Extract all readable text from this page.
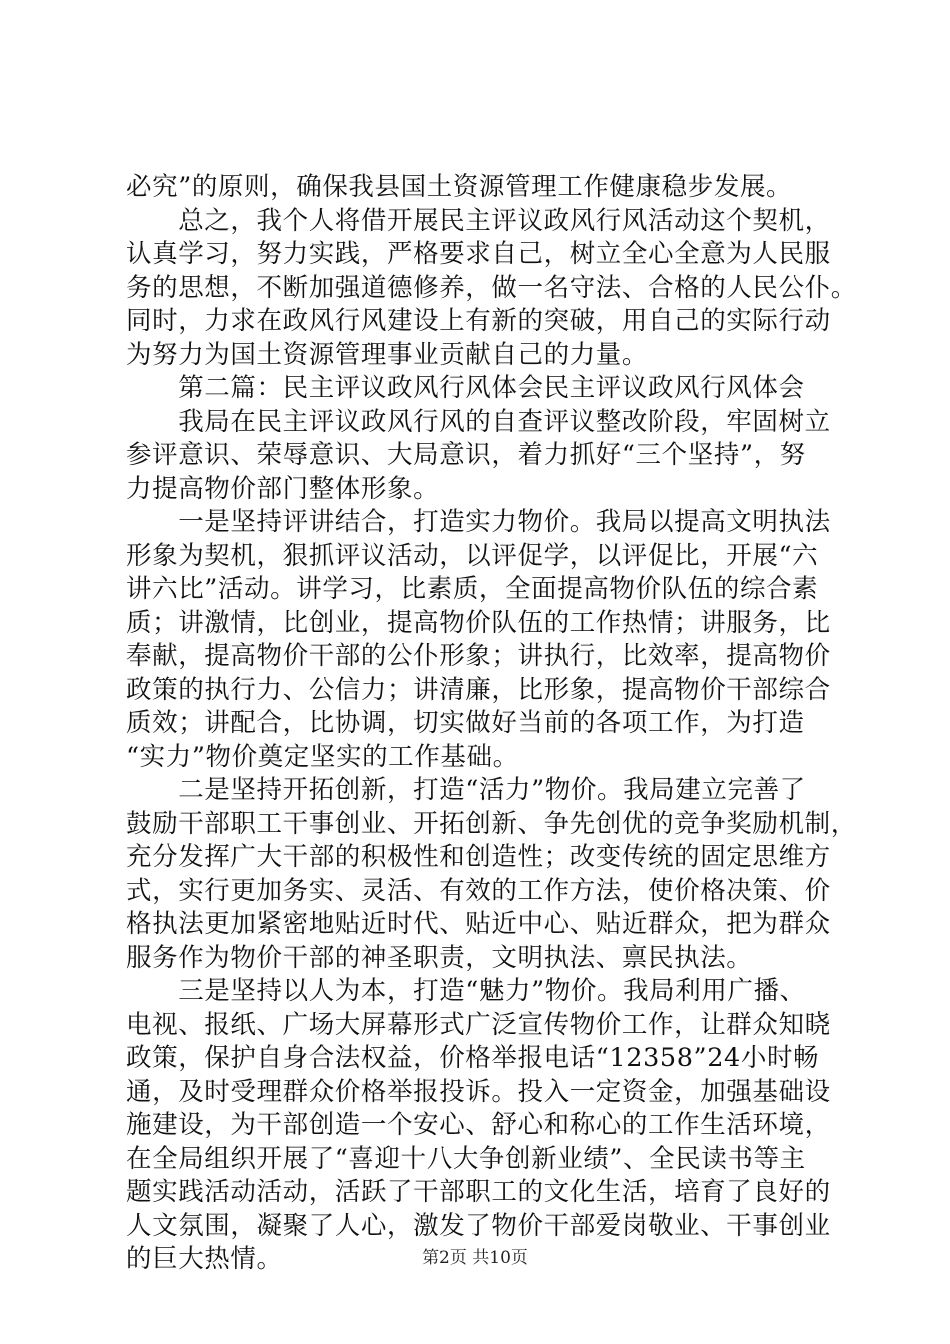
必究”的原则，确保我县国土资源管理工作健康稳步发展。
　　总之，我个人将借开展民主评议政风行风活动这个契机，
认真学习，努力实践，严格要求自己，树立全心全意为人民服
务的思想，不断加强道德修养，做一名守法、合格的人民公仆。
同时，力求在政风行风建设上有新的突破，用自己的实际行动
为努力为国土资源管理事业贡献自己的力量。
　　第二篇：民主评议政风行风体会民主评议政风行风体会
　　我局在民主评议政风行风的自查评议整改阶段，牢固树立
参评意识、荣辱意识、大局意识，着力抓好“三个坚持”，努
力提高物价部门整体形象。
　　一是坚持评讲结合，打造实力物价。我局以提高文明执法
形象为契机，狠抓评议活动，以评促学，以评促比，开展“六
讲六比”活动。讲学习，比素质，全面提高物价队伍的综合素
质；讲激情，比创业，提高物价队伍的工作热情；讲服务，比
奉献，提高物价干部的公仆形象；讲执行，比效率，提高物价
政策的执行力、公信力；讲清廉，比形象，提高物价干部综合
质效；讲配合，比协调，切实做好当前的各项工作，为打造
“实力”物价奠定坚实的工作基础。
　　二是坚持开拓创新，打造“活力”物价。我局建立完善了
鼓励干部职工干事创业、开拓创新、争先创优的竞争奖励机制，
充分发挥广大干部的积极性和创造性；改变传统的固定思维方
式，实行更加务实、灵活、有效的工作方法，使价格决策、价
格执法更加紧密地贴近时代、贴近中心、贴近群众，把为群众
服务作为物价干部的神圣职责，文明执法、禀民执法。
　　三是坚持以人为本，打造“魅力”物价。我局利用广播、
电视、报纸、广场大屏幕形式广泛宣传物价工作，让群众知晓
政策，保护自身合法权益，价格举报电话“12358”24小时畅
通，及时受理群众价格举报投诉。投入一定资金，加强基础设
施建设，为干部创造一个安心、舒心和称心的工作生活环境，
在全局组织开展了“喜迎十八大争创新业绩”、全民读书等主
题实践活动活动，活跃了干部职工的文化生活，培育了良好的
人文氛围，凝聚了人心，激发了物价干部爱岗敬业、干事创业
的巨大热情。	第2页 共10页
